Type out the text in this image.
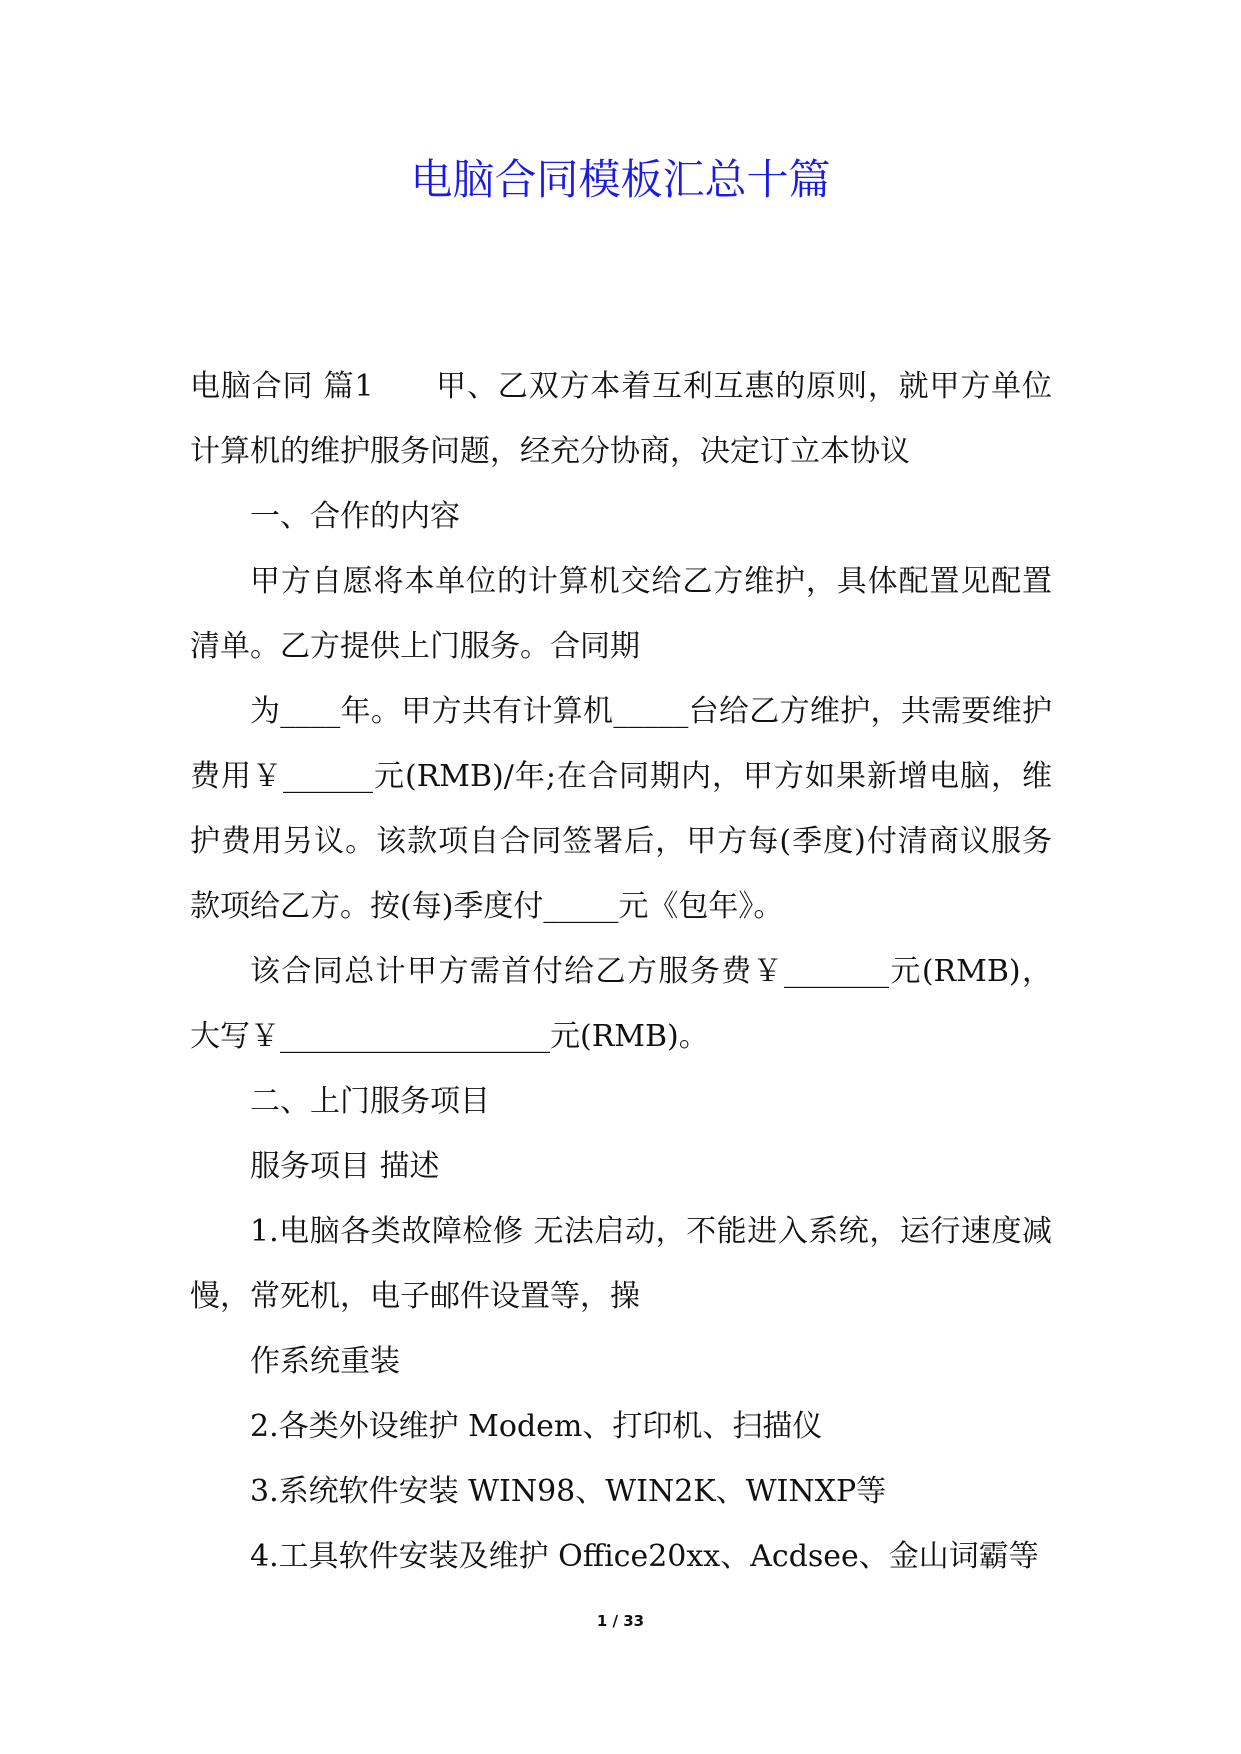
电脑合同模板汇总十篇

电脑合同 篇1　　甲、乙双方本着互利互惠的原则，就甲方单位计算机的维护服务问题，经充分协商，决定订立本协议

一、合作的内容

甲方自愿将本单位的计算机交给乙方维护，具体配置见配置清单。乙方提供上门服务。合同期

为____年。甲方共有计算机_____台给乙方维护，共需要维护费用￥______元(RMB)/年;在合同期内，甲方如果新增电脑，维护费用另议。该款项自合同签署后，甲方每(季度)付清商议服务款项给乙方。按(每)季度付_____元《包年》。

该合同总计甲方需首付给乙方服务费￥_______元(RMB)，大写￥__________________元(RMB)。

二、上门服务项目

服务项目 描述

1.电脑各类故障检修 无法启动，不能进入系统，运行速度减慢，常死机，电子邮件设置等，操

作系统重装

2.各类外设维护 Modem、打印机、扫描仪

3.系统软件安装 WIN98、WIN2K、WINXP等

4.工具软件安装及维护 Office20xx、Acdsee、金山词霸等

1 / 33
